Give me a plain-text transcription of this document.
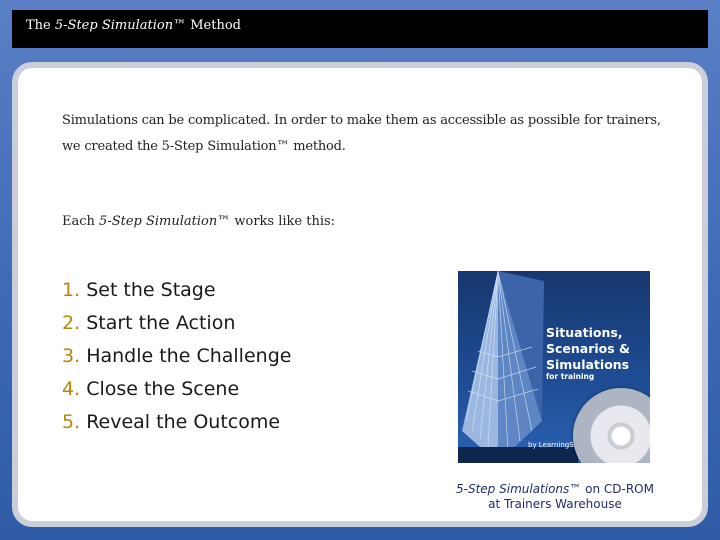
The 5-Step Simulation™ Method
Simulations can be complicated. In order to make them as accessible as possible for trainers, we created the 5-Step Simulation™ method.
Each 5-Step Simulation™ works like this:
1. Set the Stage
2. Start the Action
3. Handle the Challenge
4. Close the Scene
5. Reveal the Outcome
Situations,
Scenarios &
Simulations
for training
by LearningS
5-Step Simulations™ on CD-ROM
at Trainers Warehouse
